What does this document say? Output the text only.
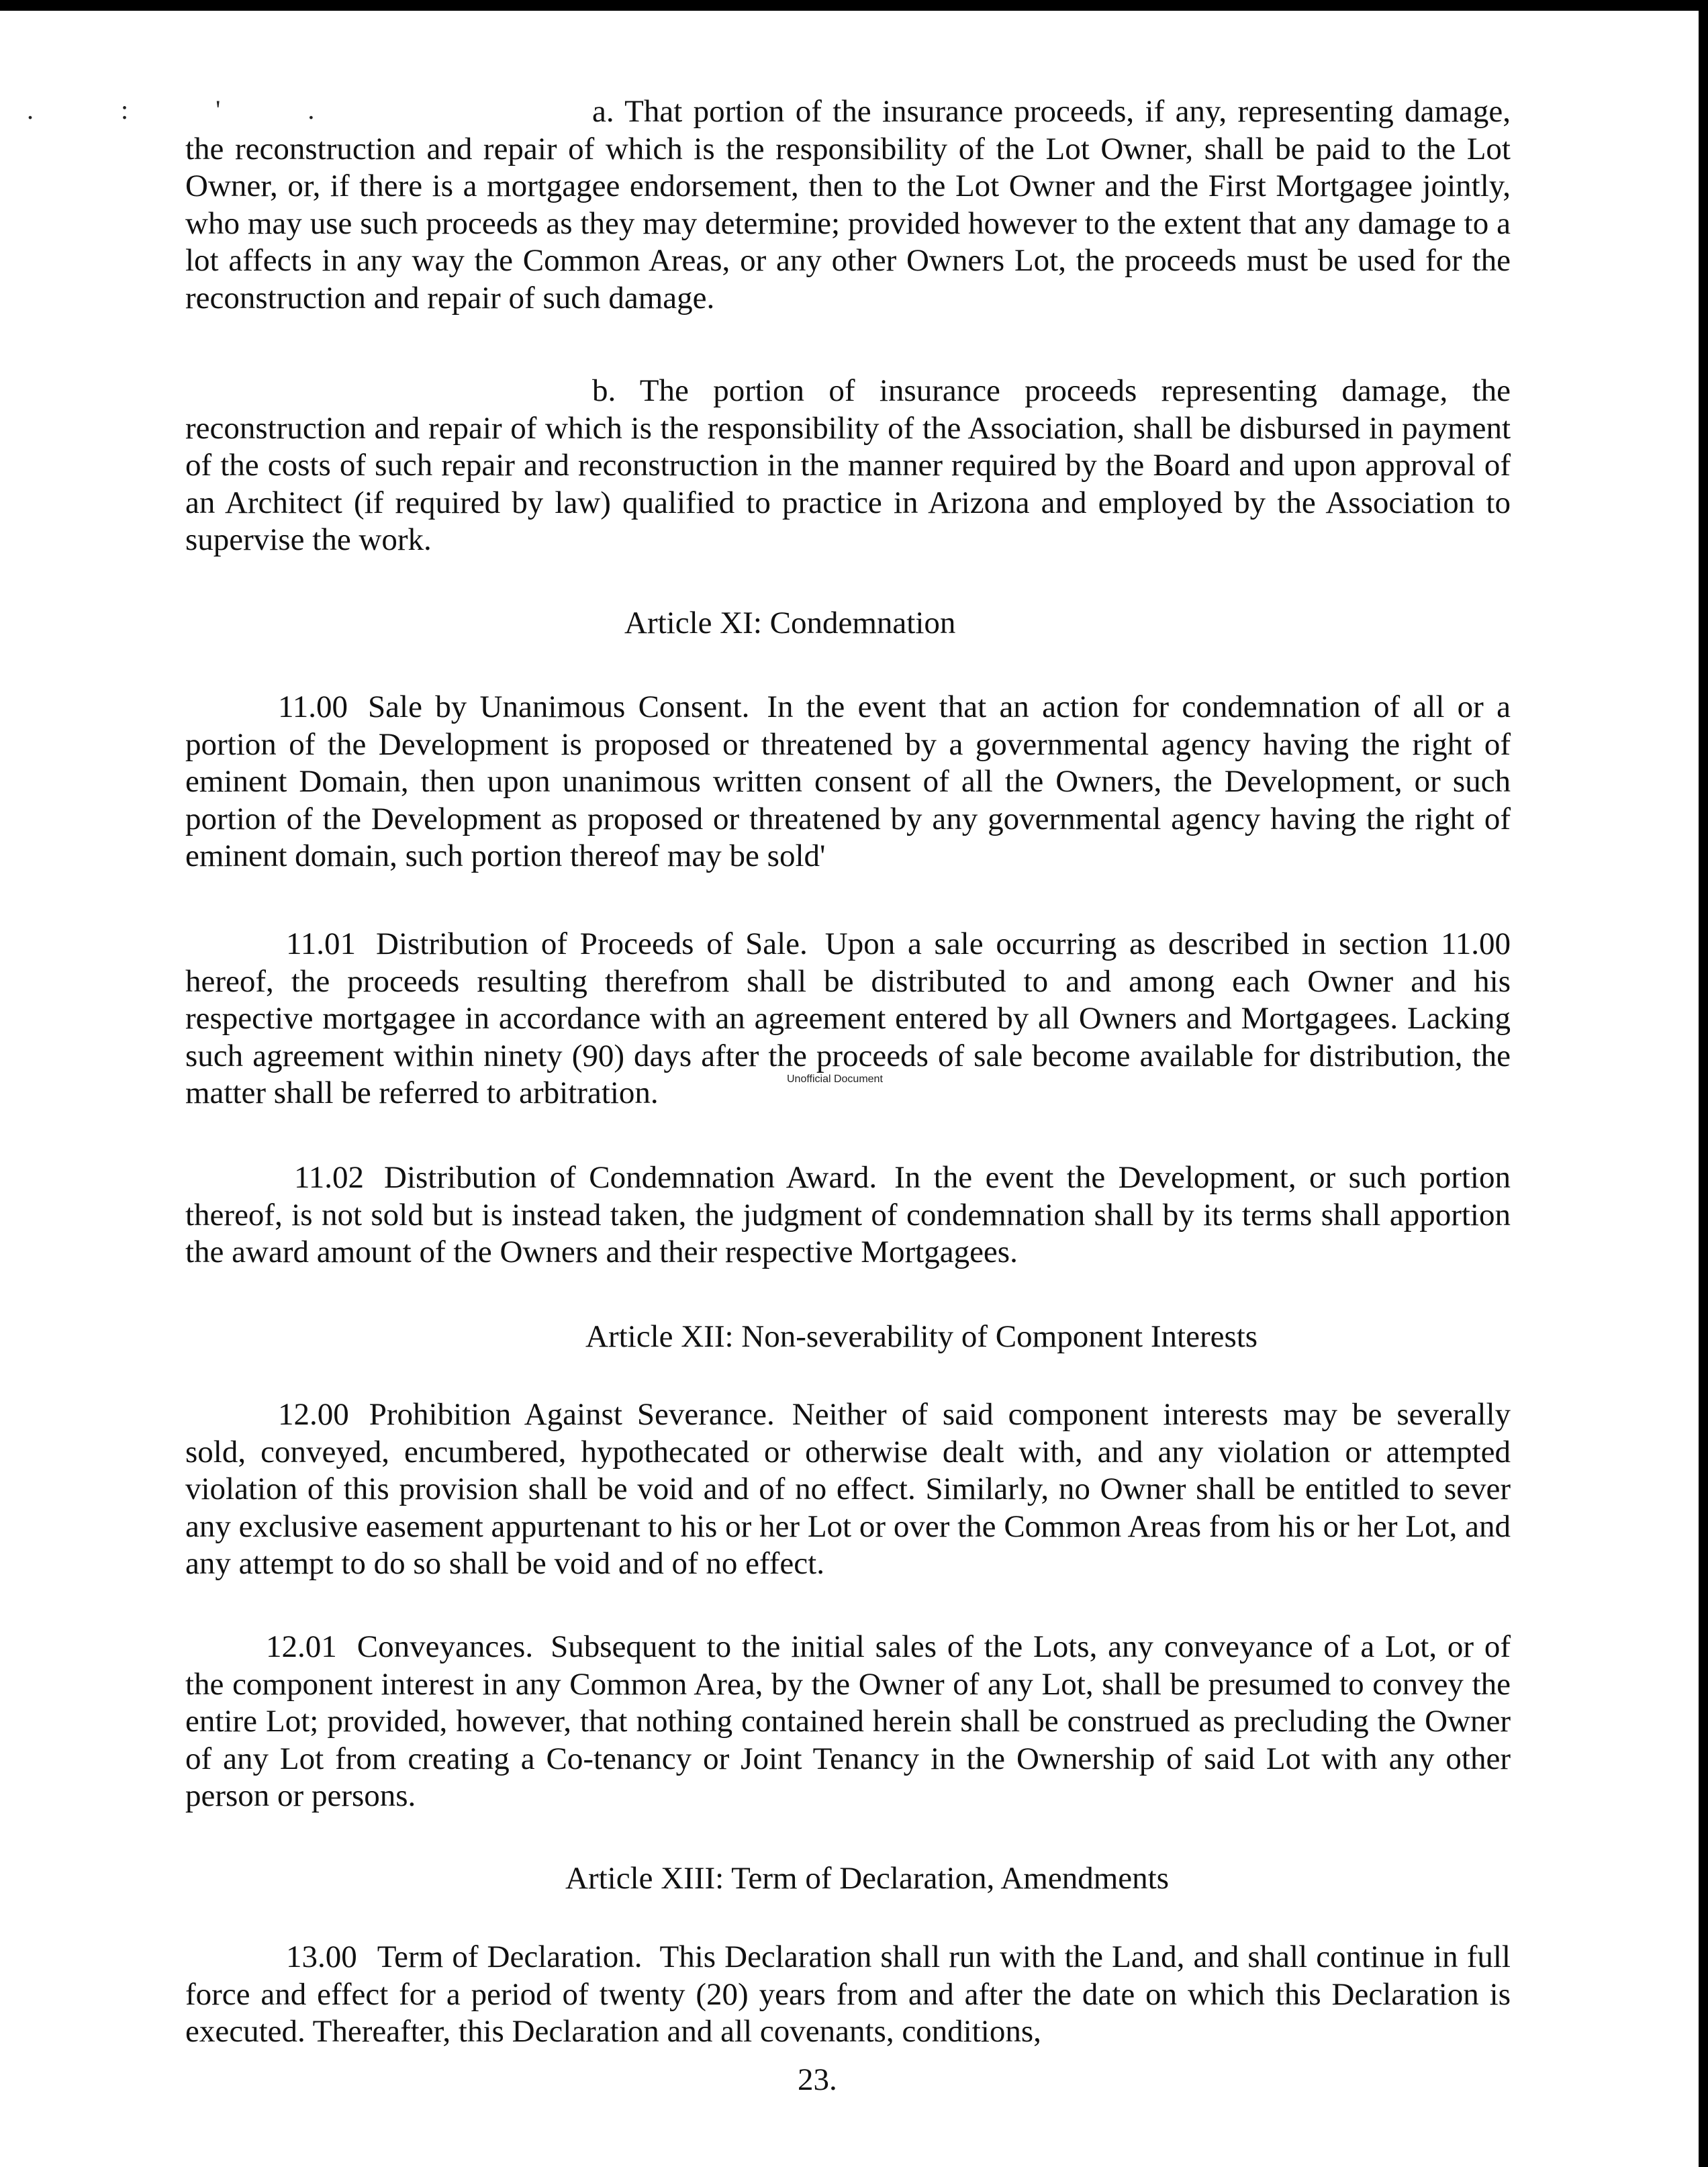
. : ' .	a. That portion of the insurance proceeds, if any, representing damage, the reconstruction and repair of which is the responsibility of the Lot Owner, shall be paid to the Lot Owner, or, if there is a mortgagee endorsement, then to the Lot Owner and the First Mortgagee jointly, who may use such proceeds as they may determine; provided however to the extent that any damage to a lot affects in any way the Common Areas, or any other Owners Lot, the proceeds must be used for the reconstruction and repair of such damage.

b. The portion of insurance proceeds representing damage, the reconstruction and repair of which is the responsibility of the Association, shall be disbursed in payment of the costs of such repair and reconstruction in the manner required by the Board and upon approval of an Architect (if required by law) qualified to practice in Arizona and employed by the Association to supervise the work.

Article XI: Condemnation

11.00 Sale by Unanimous Consent. In the event that an action for condemnation of all or a portion of the Development is proposed or threatened by a governmental agency having the right of eminent Domain, then upon unanimous written consent of all the Owners, the Development, or such portion of the Development as proposed or threatened by any governmental agency having the right of eminent domain, such portion thereof may be sold'

11.01 Distribution of Proceeds of Sale. Upon a sale occurring as described in section 11.00 hereof, the proceeds resulting therefrom shall be distributed to and among each Owner and his respective mortgagee in accordance with an agreement entered by all Owners and Mortgagees. Lacking such agreement within ninety (90) days after the proceeds of sale become available for distribution, the matter shall be referred to arbitration.	Unofficial Document

11.02 Distribution of Condemnation Award. In the event the Development, or such portion thereof, is not sold but is instead taken, the judgment of condemnation shall by its terms shall apportion the award amount of the Owners and their respective Mortgagees.

Article XII: Non-severability of Component Interests

12.00 Prohibition Against Severance. Neither of said component interests may be severally sold, conveyed, encumbered, hypothecated or otherwise dealt with, and any violation or attempted violation of this provision shall be void and of no effect. Similarly, no Owner shall be entitled to sever any exclusive easement appurtenant to his or her Lot or over the Common Areas from his or her Lot, and any attempt to do so shall be void and of no effect.

12.01 Conveyances. Subsequent to the initial sales of the Lots, any conveyance of a Lot, or of the component interest in any Common Area, by the Owner of any Lot, shall be presumed to convey the entire Lot; provided, however, that nothing contained herein shall be construed as precluding the Owner of any Lot from creating a Co-tenancy or Joint Tenancy in the Ownership of said Lot with any other person or persons.

Article XIII: Term of Declaration, Amendments

13.00 Term of Declaration. This Declaration shall run with the Land, and shall continue in full force and effect for a period of twenty (20) years from and after the date on which this Declaration is executed. Thereafter, this Declaration and all covenants, conditions,

23.
